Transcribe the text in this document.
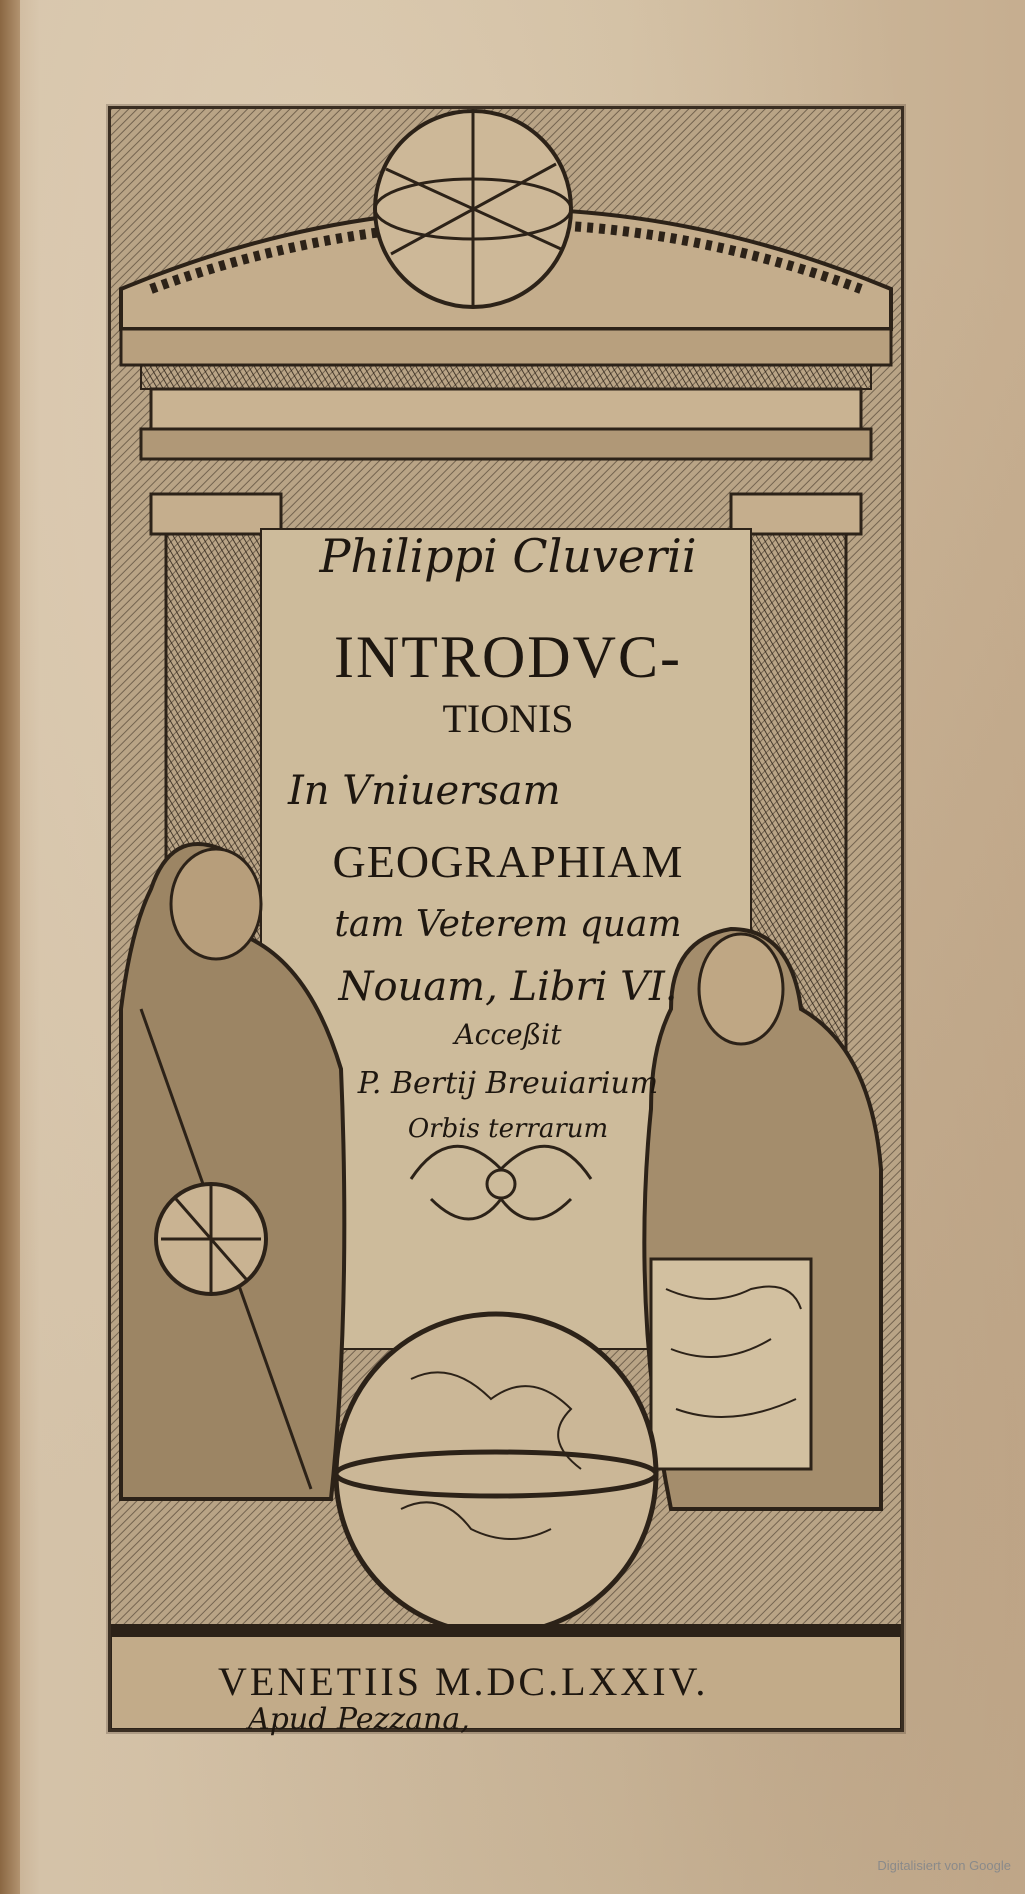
Philippi Cluverii
INTRODVC-
TIONIS
In Vniuersam
GEOGRAPHIAM
tam Veterem quam
Nouam, Libri VI.
Acceßit
P. Bertij Breuiarium
Orbis terrarum
VENETIIS M.DC.LXXIV.
Apud Pezzana,
Digitalisiert von Google
